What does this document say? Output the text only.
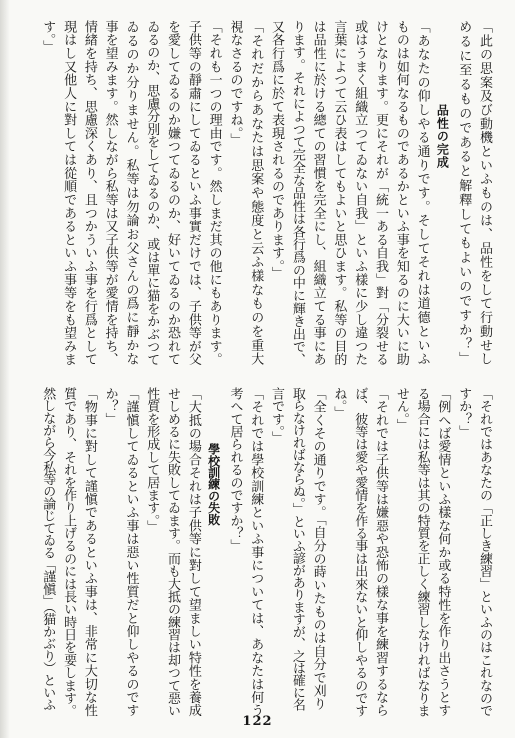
「此の思案及び動機といふものは、品性をして行動せし
めるに至るものであると解釋してもよいのですか？」
品性の完成
「あなたの仰しやる通りです。そしてそれは道德といふ
ものは如何なるものであるかといふ事を知るのに大いに助
けとなります。更にそれが「統一ある自我」對「分裂せる
或はうまく組織立つてゐない自我」といふ樣に少し違つた
言葉によつて云ひ表はしてもよいと思ひます。私等の目的
は品性に於ける總ての習慣を完全にし、組織立てる事にあ
ります。それによつて完全な品性は各行爲の中に輝き出で、
又各行爲に於て表現されるのであります。」
「それだからあなたは思案や態度と云ふ樣なものを重大
視なさるのですね。」
「それも一つの理由です。然しまだ其の他にもあります。
子供等の靜肅にしてゐるといふ事實だけでは、子供等が父
を愛してゐるのか嫌つてゐるのか、好いてゐるのか恐れて
ゐるのか、思慮分別をしてゐるのか、或は單に猫をかぶつて
ゐるのか分りません。私等は勿論お父さんの爲に靜かな
事を望みます。然しながら私等は又子供等が愛情を持ち、
情緖を持ち、思慮深くあり、且つかういふ事を行爲として
現はし又他人に對しては從順であるといふ事等をも望みま
す。」
「それではあなたの「正しき練習」といふのはこれなので
すか？」
「例へば愛情といふ樣な何か或る特性を作り出さうとす
る場合には私等は其の特質を正しく練習しなければなりま
せん。」
「それでは子供等は嫌惡や恐怖の樣な事を練習するなら
ば、彼等は愛や愛情を作る事は出來ないと仰しやるのです
ね。」
「全くその通りです。「自分の蒔いたものは自分で刈り
取らなければならぬ。」といふ諺がありますが、之は確に名
言です。」
「それでは學校訓練といふ事については、あなたは何う
考へて居られるのですか？」
學校訓練の失敗
「大抵の場合それは子供等に對して望ましい特性を養成
せしめるに失敗してゐます。而も大抵の練習は却つて惡い
性質を形成して居ます。」
「謹愼してゐるといふ事は惡い性質だと仰しやるのです
か？」
「物事に對して謹愼であるといふ事は、非常に大切な性
質であり、それを作り上げるのには長い時日を要します。
然しながら今私等の論じてゐる「謹愼」（猫かぶり）といふ
122
